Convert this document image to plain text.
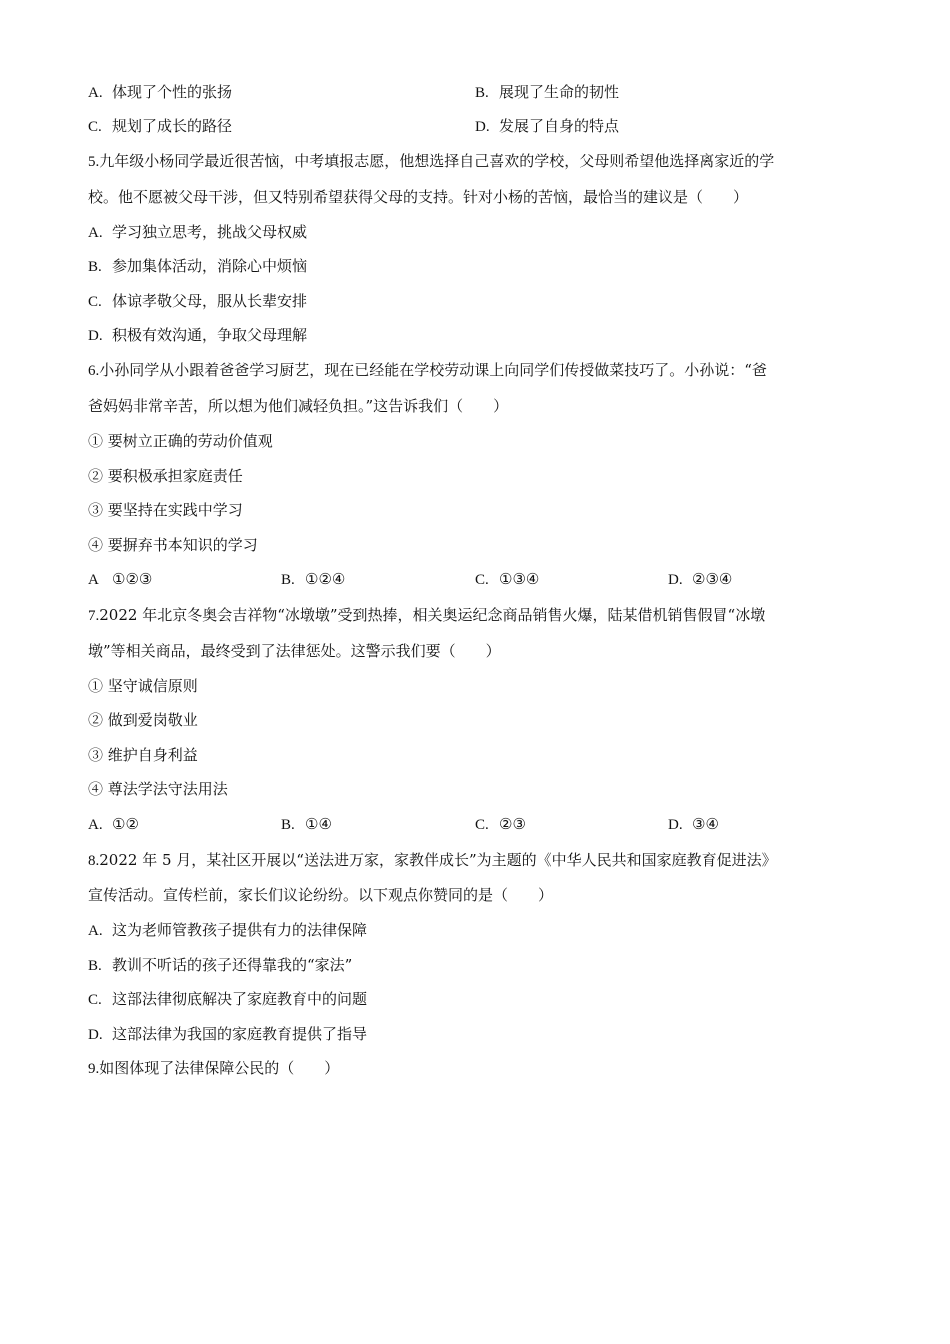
A. 体现了个性的张扬	B. 展现了生命的韧性
C. 规划了成长的路径	D. 发展了自身的特点
5.九年级小杨同学最近很苦恼，中考填报志愿，他想选择自己喜欢的学校，父母则希望他选择离家近的学
校。他不愿被父母干涉，但又特别希望获得父母的支持。针对小杨的苦恼，最恰当的建议是（　　）
A. 学习独立思考，挑战父母权威
B. 参加集体活动，消除心中烦恼
C. 体谅孝敬父母，服从长辈安排
D. 积极有效沟通，争取父母理解
6.小孙同学从小跟着爸爸学习厨艺，现在已经能在学校劳动课上向同学们传授做菜技巧了。小孙说：“爸
爸妈妈非常辛苦，所以想为他们减轻负担。”这告诉我们（　　）
① 要树立正确的劳动价值观
② 要积极承担家庭责任
③ 要坚持在实践中学习
④ 要摒弃书本知识的学习
A ①②③	B. ①②④	C. ①③④	D. ②③④
7.2022 年北京冬奥会吉祥物“冰墩墩”受到热捧，相关奥运纪念商品销售火爆，陆某借机销售假冒“冰墩
墩”等相关商品，最终受到了法律惩处。这警示我们要（　　）
① 坚守诚信原则
② 做到爱岗敬业
③ 维护自身利益
④ 尊法学法守法用法
A. ①②	B. ①④	C. ②③	D. ③④
8.2022 年 5 月，某社区开展以“送法进万家，家教伴成长”为主题的《中华人民共和国家庭教育促进法》
宣传活动。宣传栏前，家长们议论纷纷。以下观点你赞同的是（　　）
A. 这为老师管教孩子提供有力的法律保障
B. 教训不听话的孩子还得靠我的“家法”
C. 这部法律彻底解决了家庭教育中的问题
D. 这部法律为我国的家庭教育提供了指导
9.如图体现了法律保障公民的（　　）
